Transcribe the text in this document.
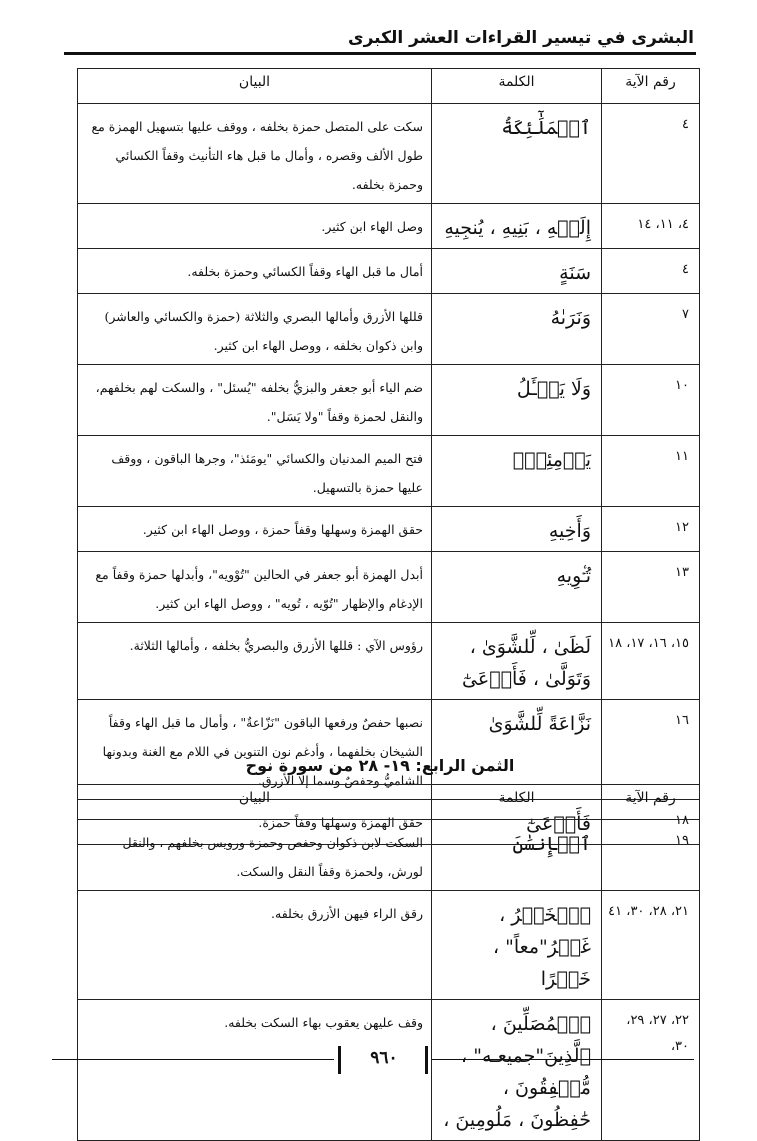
البشرى في تيسير القراءات العشر الكبرى
رقم الآية	الكلمة	البيان
٤	ٱلۡمَلَٰٓئِكَةُ	سكت على المتصل حمزة بخلفه ، ووقف عليها بتسهيل الهمزة مع طول الألف وقصره ، وأمال ما قبل هاء التأنيث وقفاً الكسائي وحمزة بخلفه.
٤، ١١، ١٤	إِلَيۡهِ ، بَنِيهِ ، يُنجِيهِ	وصل الهاء ابن كثير.
٤	سَنَةٍ	أمال ما قبل الهاء وقفاً الكسائي وحمزة بخلفه.
٧	وَنَرَىٰهُ	قللها الأزرق وأمالها البصري والثلاثة (حمزة والكسائي والعاشر) وابن ذكوان بخلفه ، ووصل الهاء ابن كثير.
١٠	وَلَا يَسۡـَٔلُ	ضم الياء أبو جعفر والبزيُّ بخلفه "يُسئل" ، والسكت لهم بخلفهم، والنقل لحمزة وقفاً "ولا يَسَل".
١١	يَوۡمِئِذِۭ	فتح الميم المدنيان والكسائي "يومَئذ"، وجرها الباقون ، ووقف عليها حمزة بالتسهيل.
١٢	وَأَخِيهِ	حقق الهمزة وسهلها وقفاً حمزة ، ووصل الهاء ابن كثير.
١٣	تُـٔۡوِيهِ	أبدل الهمزة أبو جعفر في الحالين "تُوْويه"، وأبدلها حمزة وقفاً مع الإدغام والإظهار "تُوّيه ، تُويه" ، ووصل الهاء ابن كثير.
١٥، ١٦، ١٧، ١٨	لَظَىٰ ، لِّلشَّوَىٰ ، وَتَوَلَّىٰ ، فَأَوۡعَىٰٓ	رؤوس الآي : قللها الأزرق والبصريُّ بخلفه ، وأمالها الثلاثة.
١٦	نَزَّاعَةً لِّلشَّوَىٰ	نصبها حفصٌ ورفعها الباقون "نَزّاعةٌ" ، وأمال ما قبل الهاء وقفاً الشيخان بخلفهما ، وأدغم نون التنوين في اللام مع الغنة وبدونها الشاميُّ وحفصٌ وسما إلا الأزرق.
١٨	فَأَوۡعَىٰٓ	حقق الهمزة وسهلها وقفاً حمزة.
الثمن الرابع: ١٩- ٢٨ من سورة نوح
رقم الآية	الكلمة	البيان
١٩	ٱلۡإِنسَٰنَ	السكت لابن ذكوان وحفص وحمزة ورويس بخلفهم ، والنقل لورش، ولحمزة وقفاً النقل والسكت.
٢١، ٢٨، ٣٠، ٤١	ٱلۡخَيۡرُ ، غَيۡرُ"معاً" ، خَيۡرًا	رقق الراء فيهن الأزرق بخلفه.
٢٢، ٢٧، ٢٩، ٣٠،	ٱلۡمُصَلِّينَ ، ٱلَّذِينَ"جميعـه" ، مُّشۡفِقُونَ ، حَٰفِظُونَ ، مَلُومِينَ ،	وقف عليهن يعقوب بهاء السكت بخلفه.
٩٦٠
